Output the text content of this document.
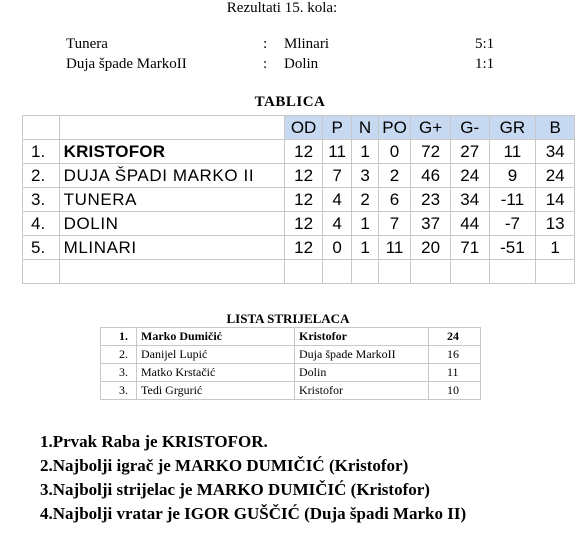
Rezultati 15. kola:
Tunera	: Mlinari	5:1
Duja špade MarkoII	: Dolin	1:1
TABLICA
		OD	P	N	PO	G+	G-	GR	B
1.	KRISTOFOR	12	11	1	0	72	27	11	34
2.	DUJA ŠPADI MARKO II	12	7	3	2	46	24	9	24
3.	TUNERA	12	4	2	6	23	34	-11	14
4.	DOLIN	12	4	1	7	37	44	-7	13
5.	MLINARI	12	0	1	11	20	71	-51	1

LISTA STRIJELACA
1.	Marko Dumičić	Kristofor	24
2.	Danijel Lupić	Duja špade MarkoII	16
3.	Matko Krstačić	Dolin	11
3.	Tedi Grgurić	Kristofor	10
1.Prvak Raba je KRISTOFOR.
2.Najbolji igrač je MARKO DUMIČIĆ (Kristofor)
3.Najbolji strijelac je MARKO DUMIČIĆ (Kristofor)
4.Najbolji vratar je IGOR GUŠČIĆ (Duja špadi Marko II)
